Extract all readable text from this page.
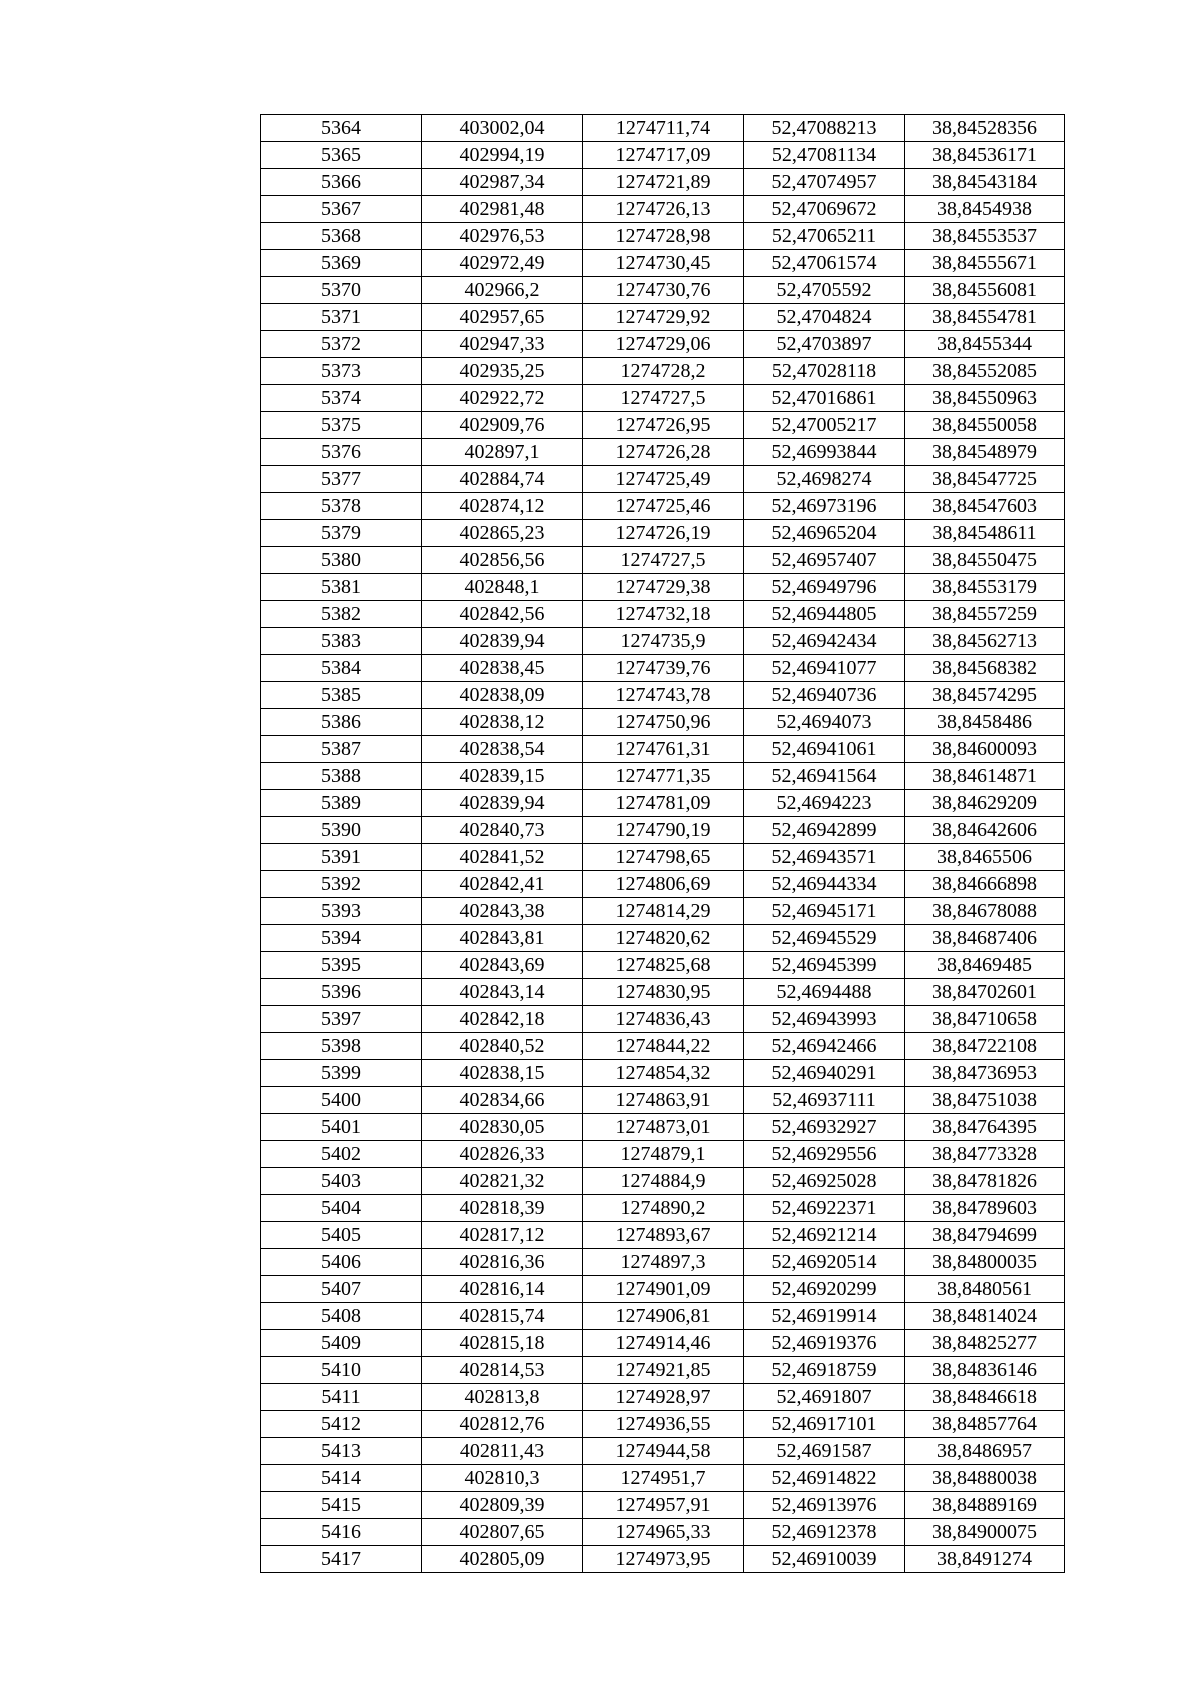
5364	403002,04	1274711,74	52,47088213	38,84528356
5365	402994,19	1274717,09	52,47081134	38,84536171
5366	402987,34	1274721,89	52,47074957	38,84543184
5367	402981,48	1274726,13	52,47069672	38,8454938
5368	402976,53	1274728,98	52,47065211	38,84553537
5369	402972,49	1274730,45	52,47061574	38,84555671
5370	402966,2	1274730,76	52,4705592	38,84556081
5371	402957,65	1274729,92	52,4704824	38,84554781
5372	402947,33	1274729,06	52,4703897	38,8455344
5373	402935,25	1274728,2	52,47028118	38,84552085
5374	402922,72	1274727,5	52,47016861	38,84550963
5375	402909,76	1274726,95	52,47005217	38,84550058
5376	402897,1	1274726,28	52,46993844	38,84548979
5377	402884,74	1274725,49	52,4698274	38,84547725
5378	402874,12	1274725,46	52,46973196	38,84547603
5379	402865,23	1274726,19	52,46965204	38,84548611
5380	402856,56	1274727,5	52,46957407	38,84550475
5381	402848,1	1274729,38	52,46949796	38,84553179
5382	402842,56	1274732,18	52,46944805	38,84557259
5383	402839,94	1274735,9	52,46942434	38,84562713
5384	402838,45	1274739,76	52,46941077	38,84568382
5385	402838,09	1274743,78	52,46940736	38,84574295
5386	402838,12	1274750,96	52,4694073	38,8458486
5387	402838,54	1274761,31	52,46941061	38,84600093
5388	402839,15	1274771,35	52,46941564	38,84614871
5389	402839,94	1274781,09	52,4694223	38,84629209
5390	402840,73	1274790,19	52,46942899	38,84642606
5391	402841,52	1274798,65	52,46943571	38,8465506
5392	402842,41	1274806,69	52,46944334	38,84666898
5393	402843,38	1274814,29	52,46945171	38,84678088
5394	402843,81	1274820,62	52,46945529	38,84687406
5395	402843,69	1274825,68	52,46945399	38,8469485
5396	402843,14	1274830,95	52,4694488	38,84702601
5397	402842,18	1274836,43	52,46943993	38,84710658
5398	402840,52	1274844,22	52,46942466	38,84722108
5399	402838,15	1274854,32	52,46940291	38,84736953
5400	402834,66	1274863,91	52,46937111	38,84751038
5401	402830,05	1274873,01	52,46932927	38,84764395
5402	402826,33	1274879,1	52,46929556	38,84773328
5403	402821,32	1274884,9	52,46925028	38,84781826
5404	402818,39	1274890,2	52,46922371	38,84789603
5405	402817,12	1274893,67	52,46921214	38,84794699
5406	402816,36	1274897,3	52,46920514	38,84800035
5407	402816,14	1274901,09	52,46920299	38,8480561
5408	402815,74	1274906,81	52,46919914	38,84814024
5409	402815,18	1274914,46	52,46919376	38,84825277
5410	402814,53	1274921,85	52,46918759	38,84836146
5411	402813,8	1274928,97	52,4691807	38,84846618
5412	402812,76	1274936,55	52,46917101	38,84857764
5413	402811,43	1274944,58	52,4691587	38,8486957
5414	402810,3	1274951,7	52,46914822	38,84880038
5415	402809,39	1274957,91	52,46913976	38,84889169
5416	402807,65	1274965,33	52,46912378	38,84900075
5417	402805,09	1274973,95	52,46910039	38,8491274
